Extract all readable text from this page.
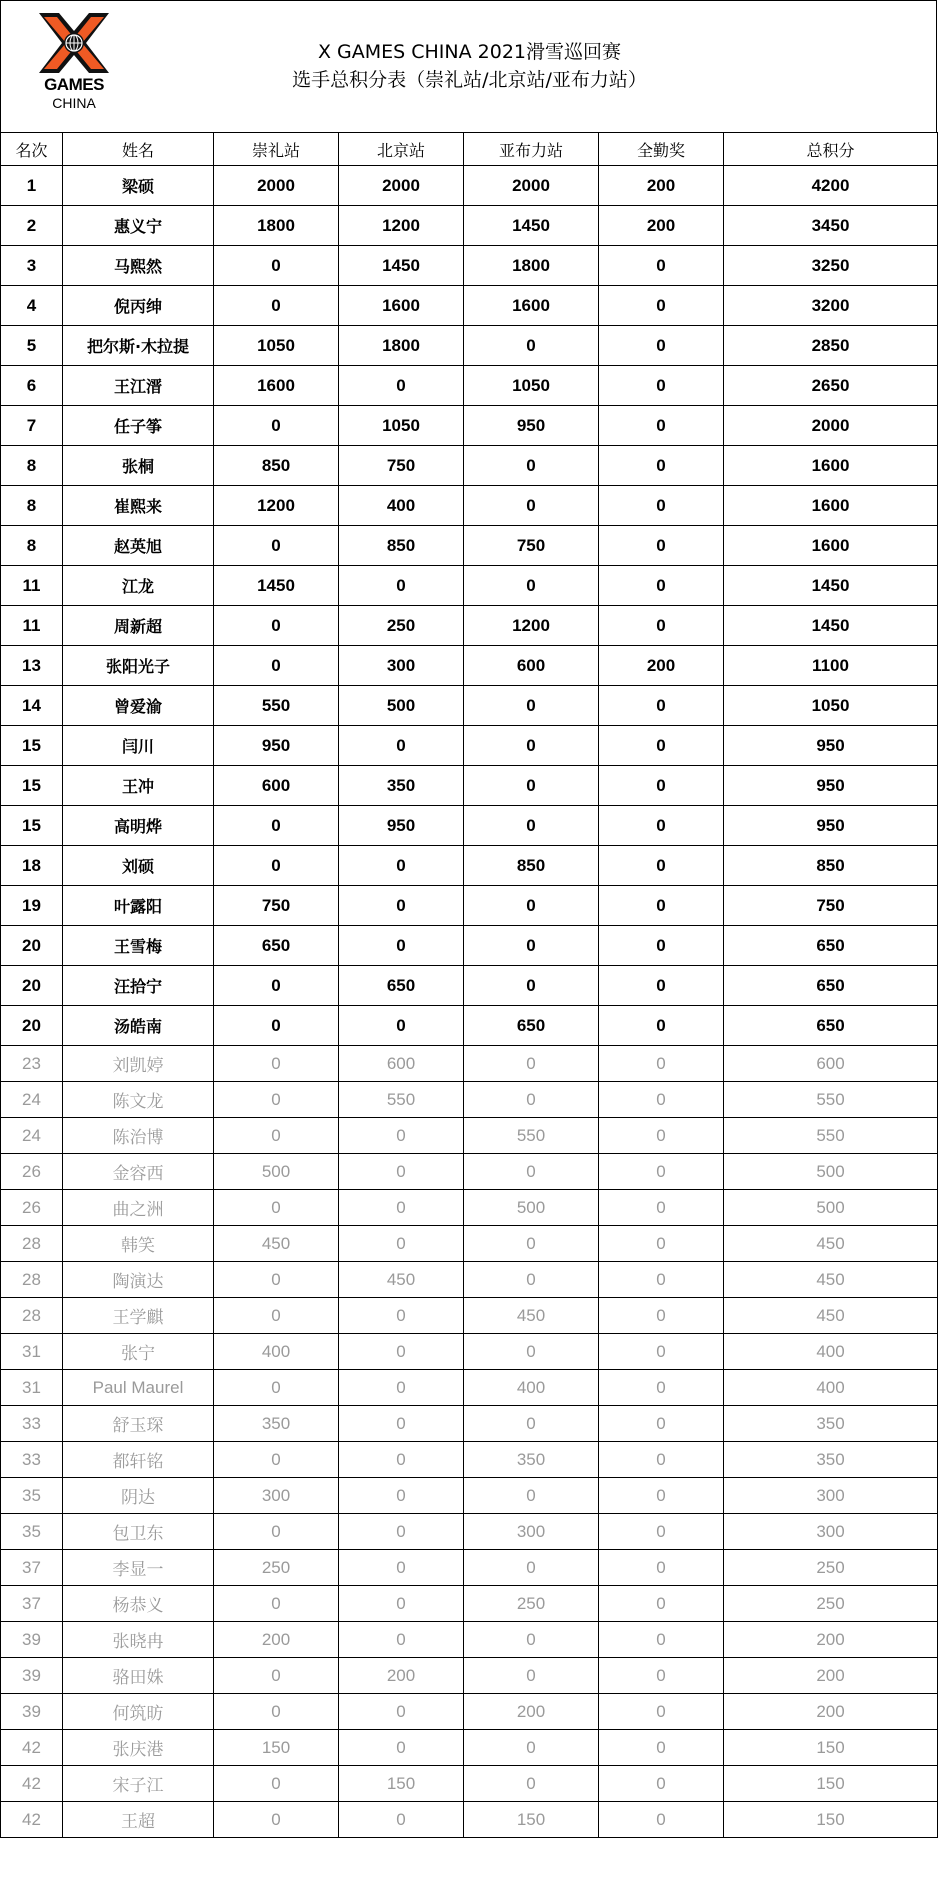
GAMES
CHINA
X GAMES CHINA 2021滑雪巡回赛
选手总积分表（崇礼站/北京站/亚布力站）
名次	姓名	崇礼站	北京站	亚布力站	全勤奖	总积分
1	梁硕	2000	2000	2000	200	4200
2	惠义宁	1800	1200	1450	200	3450
3	马熙然	0	1450	1800	0	3250
4	倪丙绅	0	1600	1600	0	3200
5	把尔斯·木拉提	1050	1800	0	0	2850
6	王江溍	1600	0	1050	0	2650
7	任子筝	0	1050	950	0	2000
8	张桐	850	750	0	0	1600
8	崔熙来	1200	400	0	0	1600
8	赵英旭	0	850	750	0	1600
11	江龙	1450	0	0	0	1450
11	周新超	0	250	1200	0	1450
13	张阳光子	0	300	600	200	1100
14	曾爱渝	550	500	0	0	1050
15	闫川	950	0	0	0	950
15	王冲	600	350	0	0	950
15	高明烨	0	950	0	0	950
18	刘硕	0	0	850	0	850
19	叶露阳	750	0	0	0	750
20	王雪梅	650	0	0	0	650
20	汪拾宁	0	650	0	0	650
20	汤皓南	0	0	650	0	650
23	刘凯婷	0	600	0	0	600
24	陈文龙	0	550	0	0	550
24	陈治博	0	0	550	0	550
26	金容西	500	0	0	0	500
26	曲之洲	0	0	500	0	500
28	韩笑	450	0	0	0	450
28	陶演达	0	450	0	0	450
28	王学麒	0	0	450	0	450
31	张宁	400	0	0	0	400
31	Paul Maurel	0	0	400	0	400
33	舒玉琛	350	0	0	0	350
33	都轩铭	0	0	350	0	350
35	阴达	300	0	0	0	300
35	包卫东	0	0	300	0	300
37	李显一	250	0	0	0	250
37	杨恭义	0	0	250	0	250
39	张晓冉	200	0	0	0	200
39	骆田姝	0	200	0	0	200
39	何筑昉	0	0	200	0	200
42	张庆港	150	0	0	0	150
42	宋子江	0	150	0	0	150
42	王超	0	0	150	0	150
